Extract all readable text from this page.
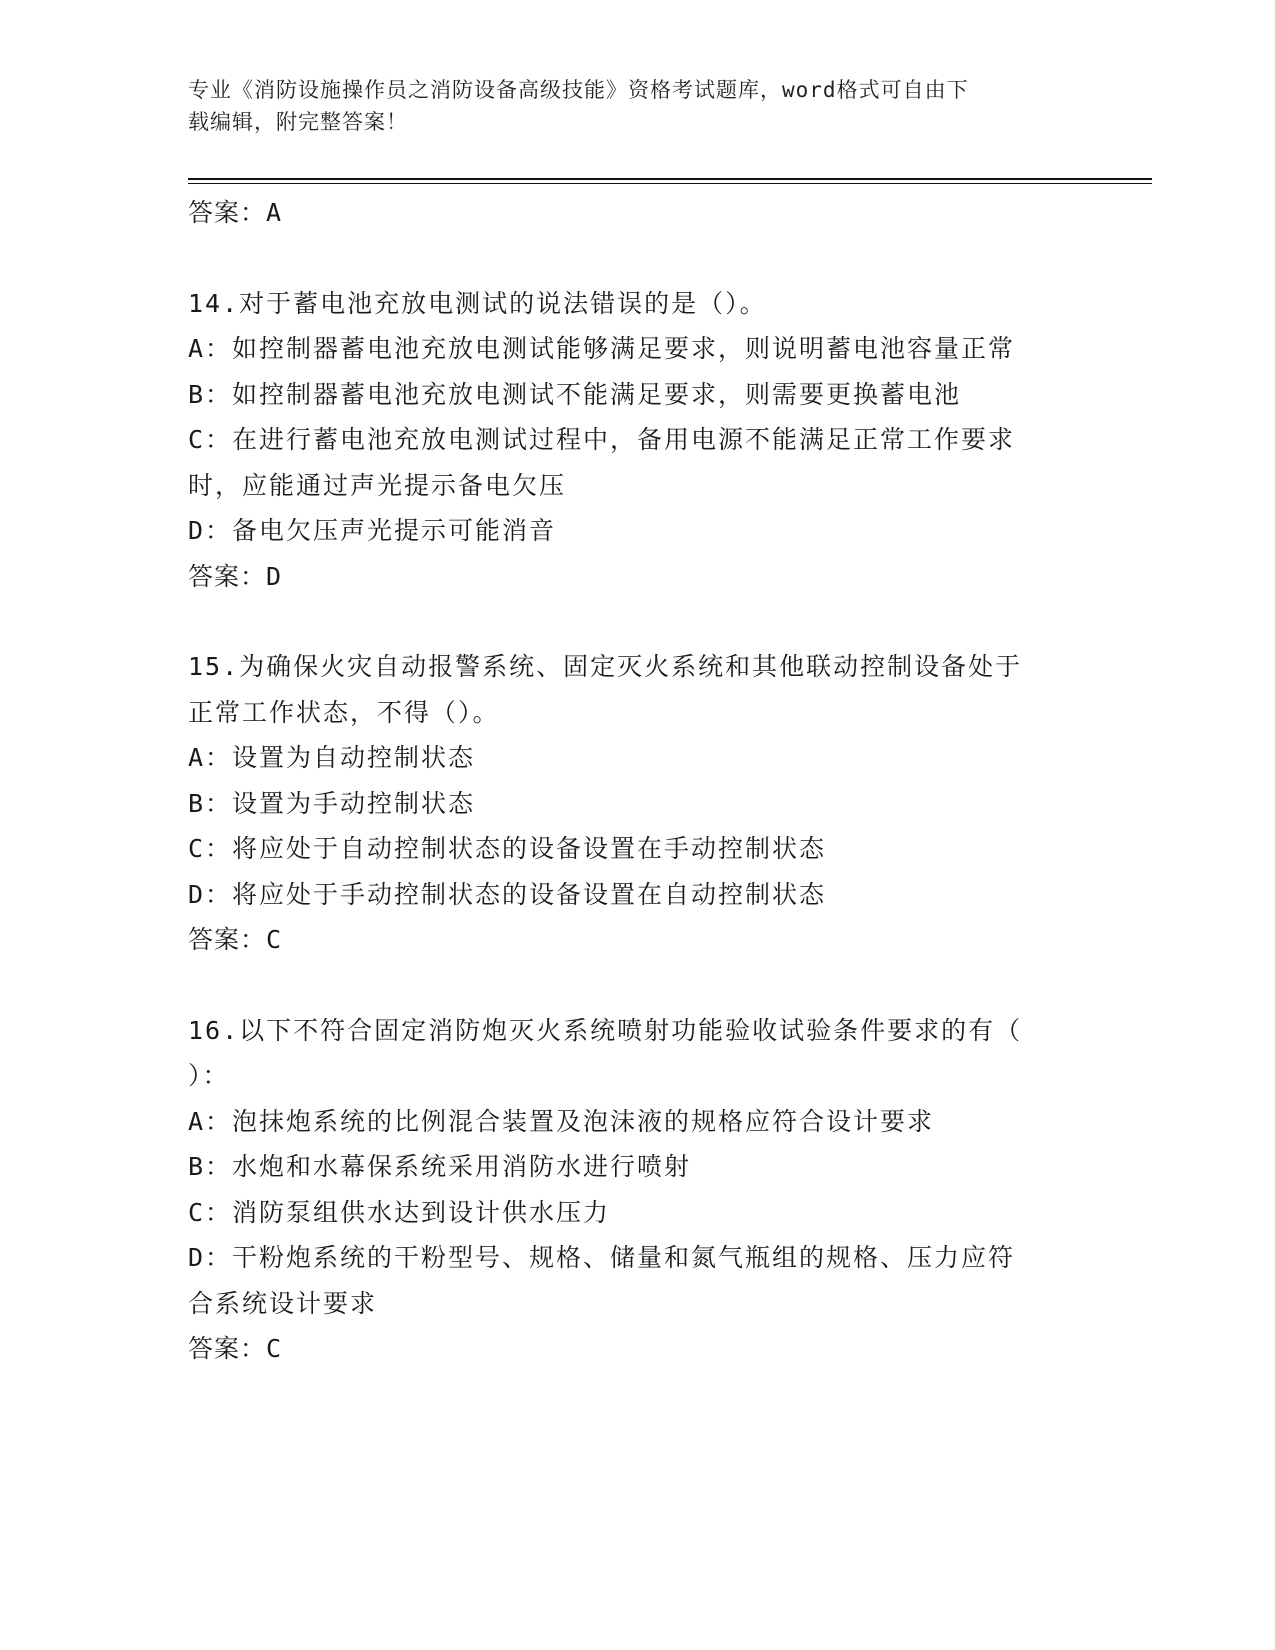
专业《消防设施操作员之消防设备高级技能》资格考试题库，word格式可自由下
载编辑，附完整答案！

答案：A

14.对于蓄电池充放电测试的说法错误的是（）。

A：如控制器蓄电池充放电测试能够满足要求，则说明蓄电池容量正常

B：如控制器蓄电池充放电测试不能满足要求，则需要更换蓄电池

C：在进行蓄电池充放电测试过程中，备用电源不能满足正常工作要求

时，应能通过声光提示备电欠压

D：备电欠压声光提示可能消音

答案：D

15.为确保火灾自动报警系统、固定灭火系统和其他联动控制设备处于

正常工作状态，不得（）。

A：设置为自动控制状态

B：设置为手动控制状态

C：将应处于自动控制状态的设备设置在手动控制状态

D：将应处于手动控制状态的设备设置在自动控制状态

答案：C

16.以下不符合固定消防炮灭火系统喷射功能验收试验条件要求的有（

）：

A：泡抹炮系统的比例混合装置及泡沫液的规格应符合设计要求

B：水炮和水幕保系统采用消防水进行喷射

C：消防泵组供水达到设计供水压力

D：干粉炮系统的干粉型号、规格、储量和氮气瓶组的规格、压力应符

合系统设计要求

答案：C
